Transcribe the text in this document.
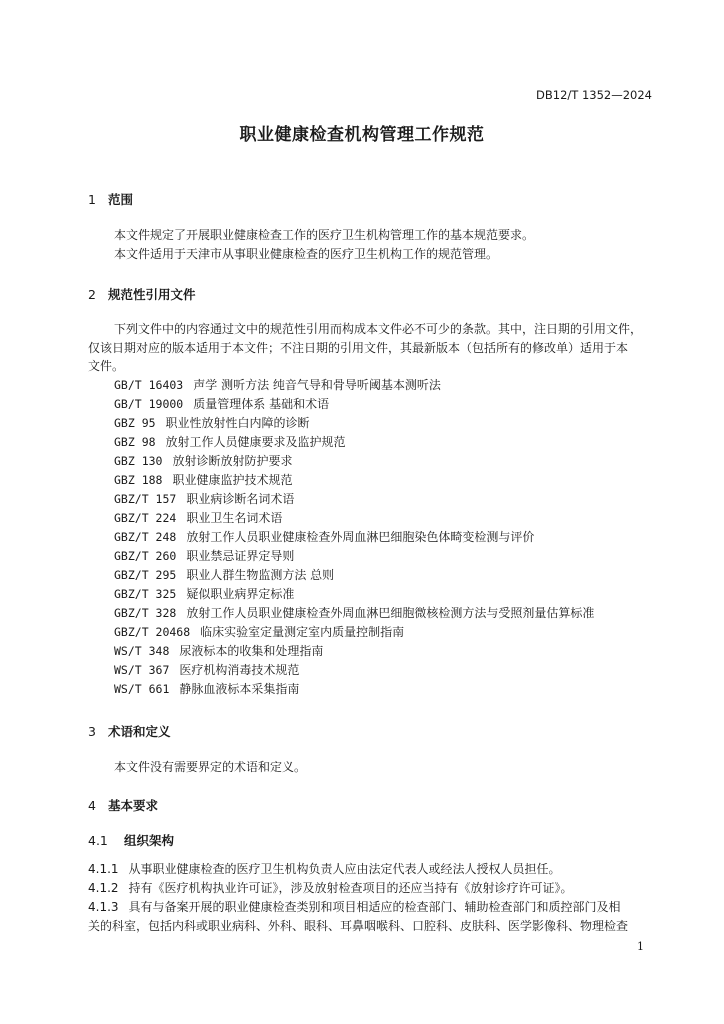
DB12/T 1352—2024
职业健康检查机构管理工作规范
1 范围
本文件规定了开展职业健康检查工作的医疗卫生机构管理工作的基本规范要求。
本文件适用于天津市从事职业健康检查的医疗卫生机构工作的规范管理。
2 规范性引用文件
下列文件中的内容通过文中的规范性引用而构成本文件必不可少的条款。其中，注日期的引用文件，
仅该日期对应的版本适用于本文件；不注日期的引用文件，其最新版本（包括所有的修改单）适用于本
文件。
GB/T 16403 声学 测听方法 纯音气导和骨导听阈基本测听法
GB/T 19000 质量管理体系 基础和术语
GBZ 95 职业性放射性白内障的诊断
GBZ 98 放射工作人员健康要求及监护规范
GBZ 130 放射诊断放射防护要求
GBZ 188 职业健康监护技术规范
GBZ/T 157 职业病诊断名词术语
GBZ/T 224 职业卫生名词术语
GBZ/T 248 放射工作人员职业健康检查外周血淋巴细胞染色体畸变检测与评价
GBZ/T 260 职业禁忌证界定导则
GBZ/T 295 职业人群生物监测方法 总则
GBZ/T 325 疑似职业病界定标准
GBZ/T 328 放射工作人员职业健康检查外周血淋巴细胞微核检测方法与受照剂量估算标准
GBZ/T 20468 临床实验室定量测定室内质量控制指南
WS/T 348 尿液标本的收集和处理指南
WS/T 367 医疗机构消毒技术规范
WS/T 661 静脉血液标本采集指南
3 术语和定义
本文件没有需要界定的术语和定义。
4 基本要求
4.1 组织架构
4.1.1 从事职业健康检查的医疗卫生机构负责人应由法定代表人或经法人授权人员担任。
4.1.2 持有《医疗机构执业许可证》，涉及放射检查项目的还应当持有《放射诊疗许可证》。
4.1.3 具有与备案开展的职业健康检查类别和项目相适应的检查部门、辅助检查部门和质控部门及相
关的科室，包括内科或职业病科、外科、眼科、耳鼻咽喉科、口腔科、皮肤科、医学影像科、物理检查
1
